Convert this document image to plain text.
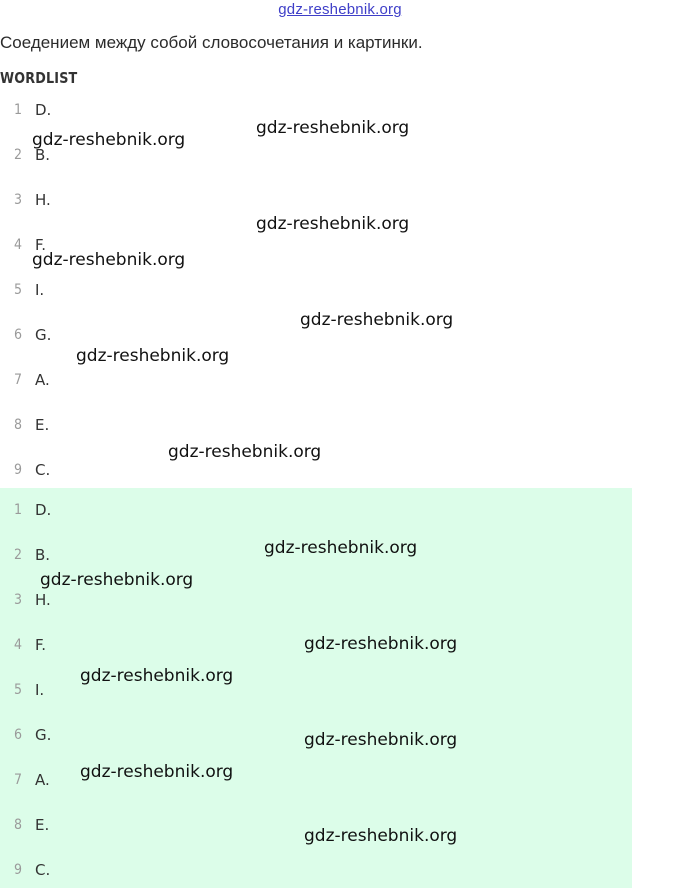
gdz-reshebnik.org
Соедением между собой словосочетания и картинки.
WORDLIST
1 D.
2 B.
3 H.
4 F.
5 I.
6 G.
7 A.
8 E.
9 C.
1 D.
2 B.
3 H.
4 F.
5 I.
6 G.
7 A.
8 E.
9 C.
gdz-reshebnik.org
gdz-reshebnik.org
gdz-reshebnik.org
gdz-reshebnik.org
gdz-reshebnik.org
gdz-reshebnik.org
gdz-reshebnik.org
gdz-reshebnik.org
gdz-reshebnik.org
gdz-reshebnik.org
gdz-reshebnik.org
gdz-reshebnik.org
gdz-reshebnik.org
gdz-reshebnik.org
